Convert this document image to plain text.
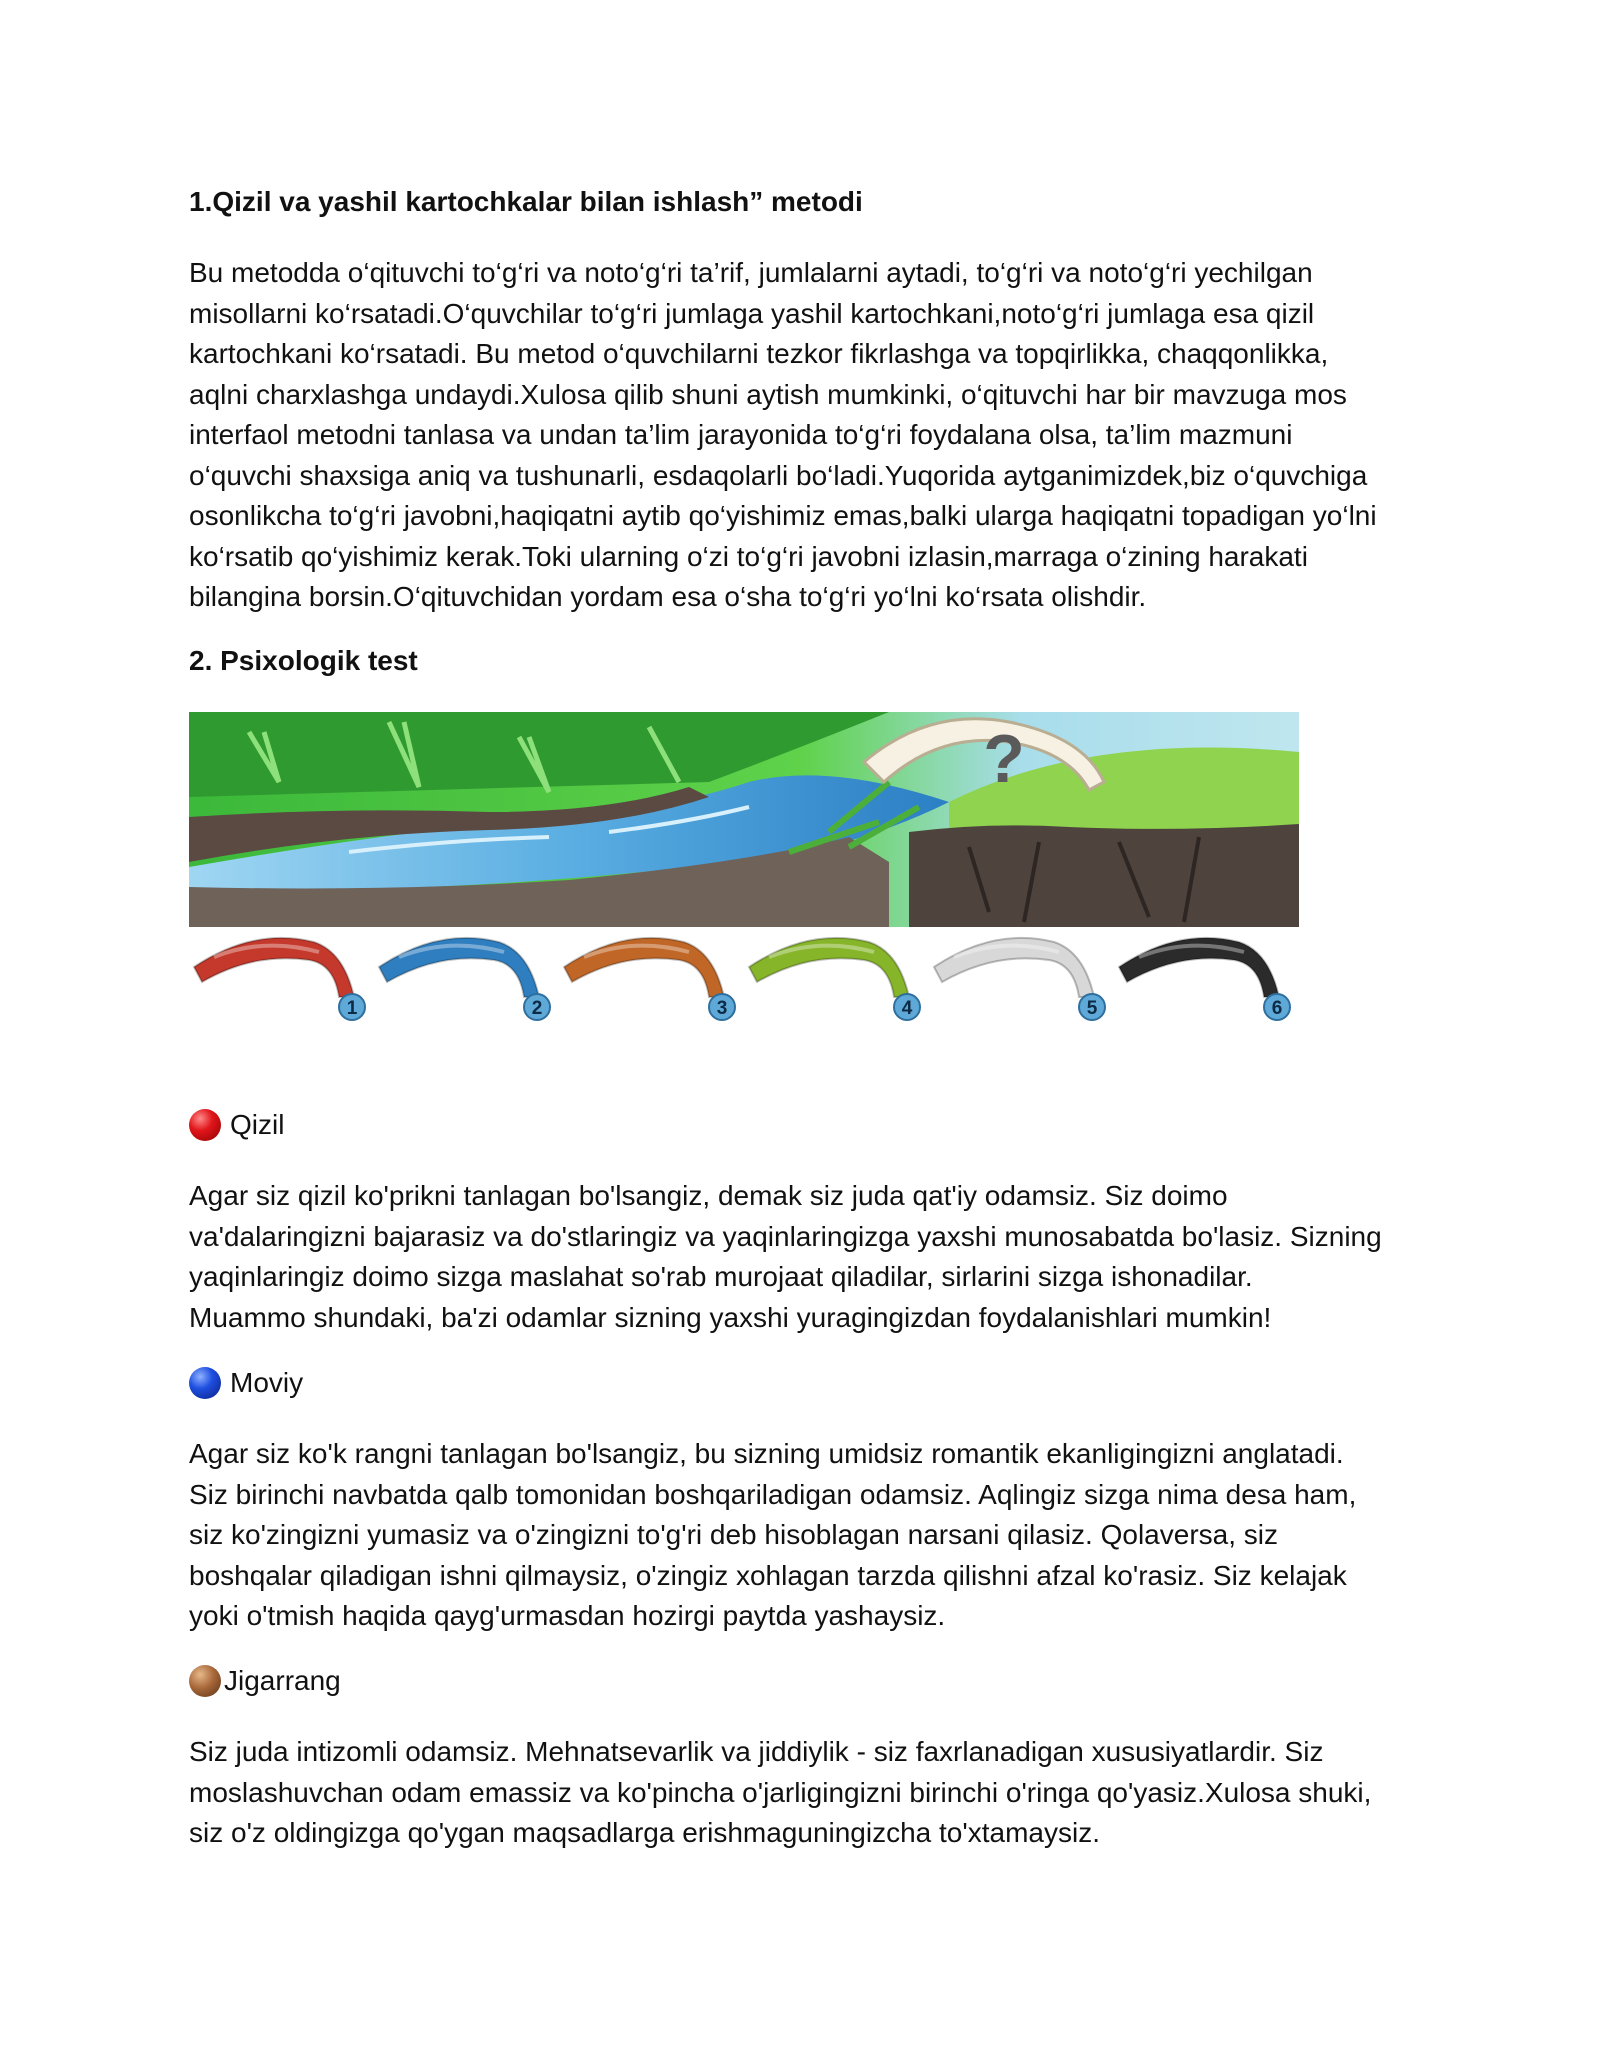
1.Qizil va yashil kartochkalar bilan ishlash” metodi
Bu metodda o‘qituvchi to‘g‘ri va noto‘g‘ri ta’rif, jumlalarni aytadi, to‘g‘ri va noto‘g‘ri yechilgan
misollarni ko‘rsatadi.O‘quvchilar to‘g‘ri jumlaga yashil kartochkani,noto‘g‘ri jumlaga esa qizil
kartochkani ko‘rsatadi. Bu metod o‘quvchilarni tezkor fikrlashga va topqirlikka, chaqqonlikka,
aqlni charxlashga undaydi.Xulosa qilib shuni aytish mumkinki, o‘qituvchi har bir mavzuga mos
interfaol metodni tanlasa va undan ta’lim jarayonida to‘g‘ri foydalana olsa, ta’lim mazmuni
o‘quvchi shaxsiga aniq va tushunarli, esdaqolarli bo‘ladi.Yuqorida aytganimizdek,biz o‘quvchiga
osonlikcha to‘g‘ri javobni,haqiqatni aytib qo‘yishimiz emas,balki ularga haqiqatni topadigan yo‘lni
ko‘rsatib qo‘yishimiz kerak.Toki ularning o‘zi to‘g‘ri javobni izlasin,marraga o‘zining harakati
bilangina borsin.O‘qituvchidan yordam esa o‘sha to‘g‘ri yo‘lni ko‘rsata olishdir.
2. Psixologik test
?
1	2	3	4	5	6
Qizil
Agar siz qizil ko'prikni tanlagan bo'lsangiz, demak siz juda qat'iy odamsiz. Siz doimo
va'dalaringizni bajarasiz va do'stlaringiz va yaqinlaringizga yaxshi munosabatda bo'lasiz. Sizning
yaqinlaringiz doimo sizga maslahat so'rab murojaat qiladilar, sirlarini sizga ishonadilar.
Muammo shundaki, ba'zi odamlar sizning yaxshi yuragingizdan foydalanishlari mumkin!
Moviy
Agar siz ko'k rangni tanlagan bo'lsangiz, bu sizning umidsiz romantik ekanligingizni anglatadi.
Siz birinchi navbatda qalb tomonidan boshqariladigan odamsiz. Aqlingiz sizga nima desa ham,
siz ko'zingizni yumasiz va o'zingizni to'g'ri deb hisoblagan narsani qilasiz. Qolaversa, siz
boshqalar qiladigan ishni qilmaysiz, o'zingiz xohlagan tarzda qilishni afzal ko'rasiz. Siz kelajak
yoki o'tmish haqida qayg'urmasdan hozirgi paytda yashaysiz.
Jigarrang
Siz juda intizomli odamsiz. Mehnatsevarlik va jiddiylik - siz faxrlanadigan xususiyatlardir. Siz
moslashuvchan odam emassiz va ko'pincha o'jarligingizni birinchi o'ringa qo'yasiz.Xulosa shuki,
siz o'z oldingizga qo'ygan maqsadlarga erishmaguningizcha to'xtamaysiz.
